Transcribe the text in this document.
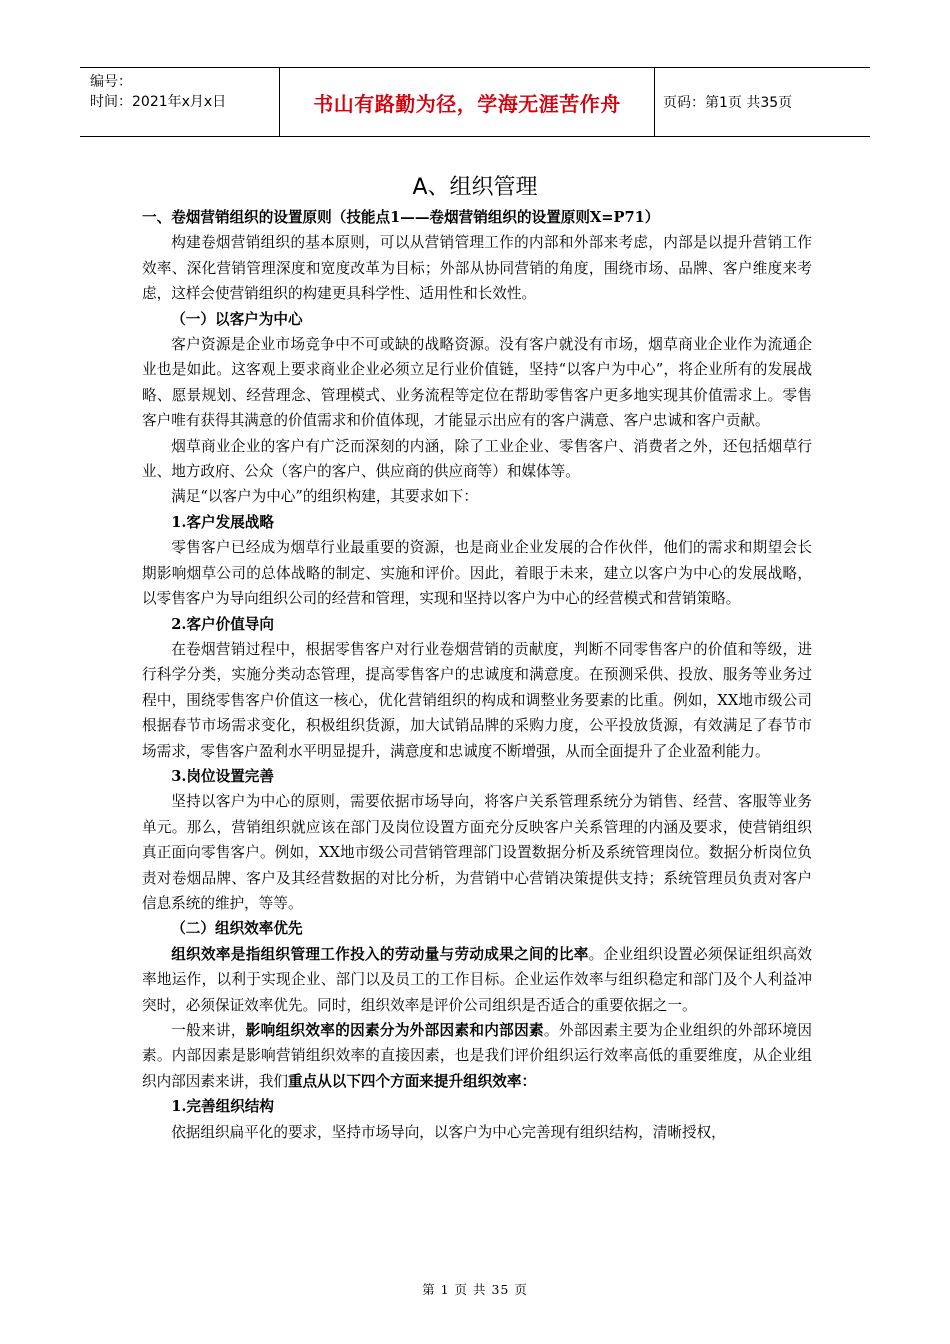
编号：
时间：2021年x月x日	书山有路勤为径，学海无涯苦作舟	页码：第1页 共35页
A、组织管理

一、卷烟营销组织的设置原则（技能点1——卷烟营销组织的设置原则X=P71）

构建卷烟营销组织的基本原则，可以从营销管理工作的内部和外部来考虑，内部是以提升营销工作效率、深化营销管理深度和宽度改革为目标；外部从协同营销的角度，围绕市场、品牌、客户维度来考虑，这样会使营销组织的构建更具科学性、适用性和长效性。

（一）以客户为中心

客户资源是企业市场竞争中不可或缺的战略资源。没有客户就没有市场，烟草商业企业作为流通企业也是如此。这客观上要求商业企业必须立足行业价值链，坚持“以客户为中心”，将企业所有的发展战略、愿景规划、经营理念、管理模式、业务流程等定位在帮助零售客户更多地实现其价值需求上。零售客户唯有获得其满意的价值需求和价值体现，才能显示出应有的客户满意、客户忠诚和客户贡献。

烟草商业企业的客户有广泛而深刻的内涵，除了工业企业、零售客户、消费者之外，还包括烟草行业、地方政府、公众（客户的客户、供应商的供应商等）和媒体等。

满足“以客户为中心”的组织构建，其要求如下：

1.客户发展战略

零售客户已经成为烟草行业最重要的资源，也是商业企业发展的合作伙伴，他们的需求和期望会长期影响烟草公司的总体战略的制定、实施和评价。因此，着眼于未来，建立以客户为中心的发展战略，以零售客户为导向组织公司的经营和管理，实现和坚持以客户为中心的经营模式和营销策略。

2.客户价值导向

在卷烟营销过程中，根据零售客户对行业卷烟营销的贡献度，判断不同零售客户的价值和等级，进行科学分类，实施分类动态管理，提高零售客户的忠诚度和满意度。在预测采供、投放、服务等业务过程中，围绕零售客户价值这一核心，优化营销组织的构成和调整业务要素的比重。例如，XX地市级公司根据春节市场需求变化，积极组织货源，加大试销品牌的采购力度，公平投放货源，有效满足了春节市场需求，零售客户盈利水平明显提升，满意度和忠诚度不断增强，从而全面提升了企业盈利能力。

3.岗位设置完善

坚持以客户为中心的原则，需要依据市场导向，将客户关系管理系统分为销售、经营、客服等业务单元。那么，营销组织就应该在部门及岗位设置方面充分反映客户关系管理的内涵及要求，使营销组织真正面向零售客户。例如，XX地市级公司营销管理部门设置数据分析及系统管理岗位。数据分析岗位负责对卷烟品牌、客户及其经营数据的对比分析，为营销中心营销决策提供支持；系统管理员负责对客户信息系统的维护，等等。

（二）组织效率优先

组织效率是指组织管理工作投入的劳动量与劳动成果之间的比率。企业组织设置必须保证组织高效率地运作，以利于实现企业、部门以及员工的工作目标。企业运作效率与组织稳定和部门及个人利益冲突时，必须保证效率优先。同时，组织效率是评价公司组织是否适合的重要依据之一。

一般来讲，影响组织效率的因素分为外部因素和内部因素。外部因素主要为企业组织的外部环境因素。内部因素是影响营销组织效率的直接因素，也是我们评价组织运行效率高低的重要维度，从企业组织内部因素来讲，我们重点从以下四个方面来提升组织效率：

1.完善组织结构

依据组织扁平化的要求，坚持市场导向，以客户为中心完善现有组织结构，清晰授权，

第 1 页 共 35 页
